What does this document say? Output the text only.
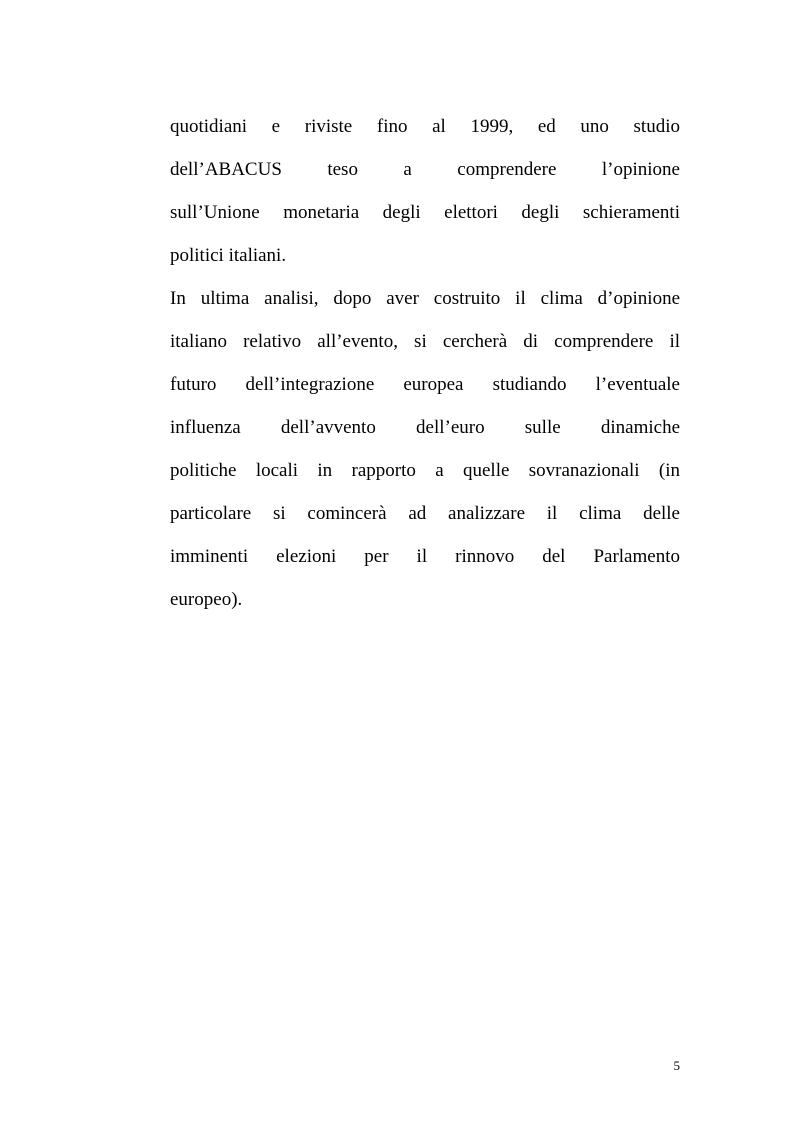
quotidiani e riviste fino al 1999, ed uno studio
dell’ABACUS teso a comprendere l’opinione
sull’Unione monetaria degli elettori degli schieramenti
politici italiani.
In ultima analisi, dopo aver costruito il clima d’opinione
italiano relativo all’evento, si cercherà di comprendere il
futuro dell’integrazione europea studiando l’eventuale
influenza dell’avvento dell’euro sulle dinamiche
politiche locali in rapporto a quelle sovranazionali (in
particolare si comincerà ad analizzare il clima delle
imminenti elezioni per il rinnovo del Parlamento
europeo).
5
